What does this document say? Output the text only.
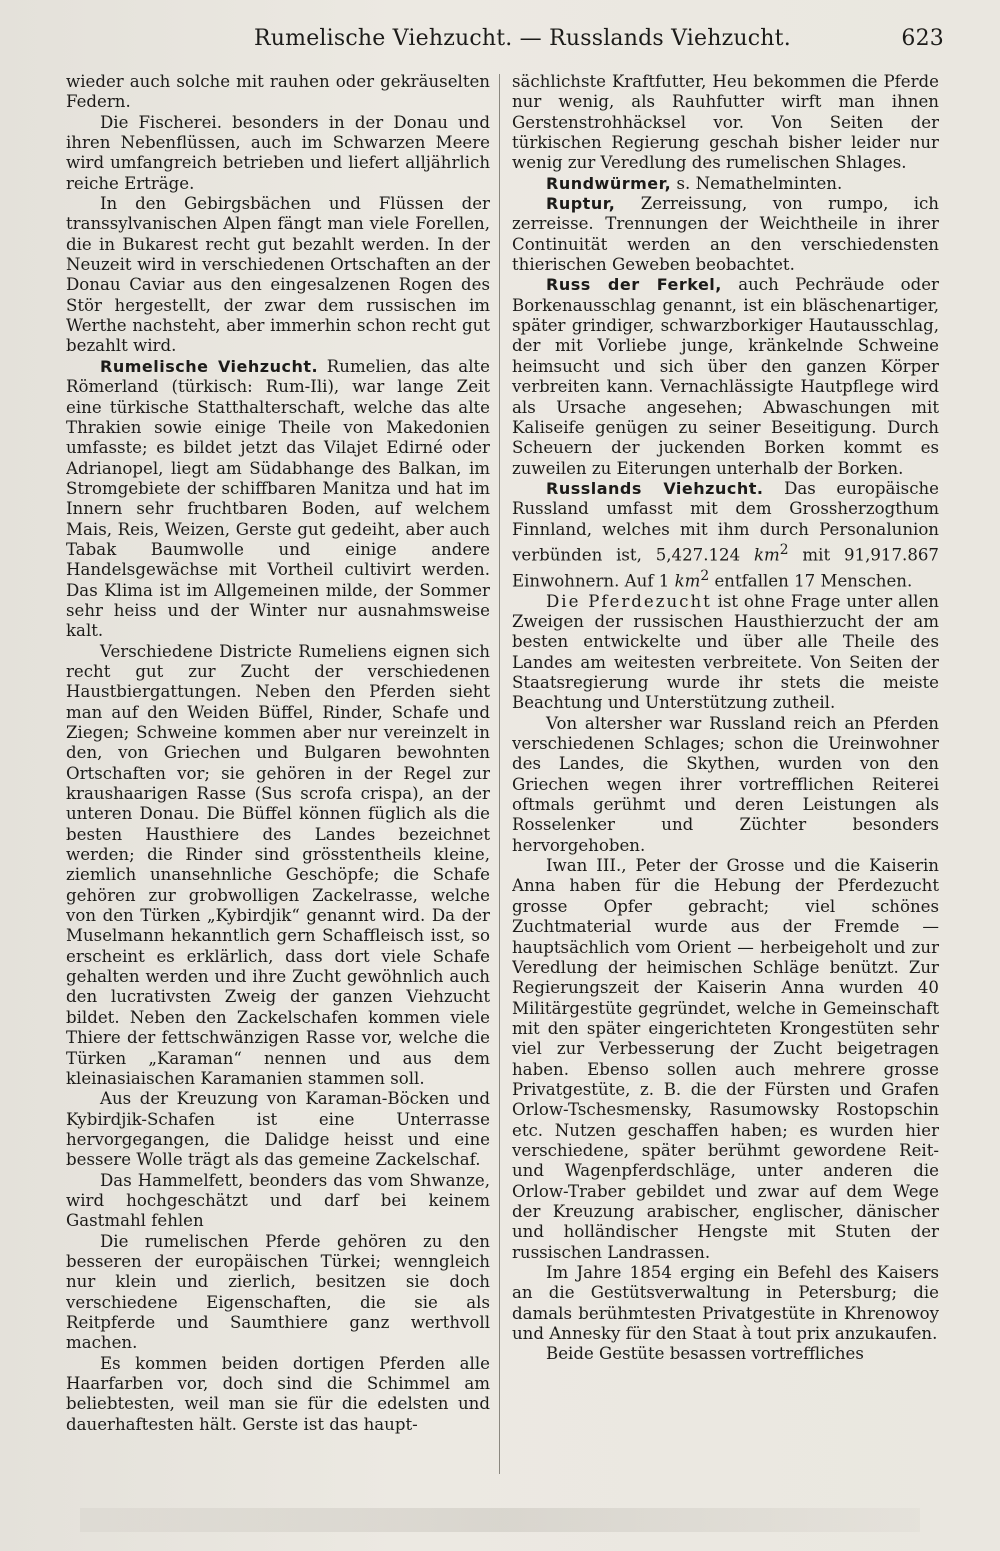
Rumelische Viehzucht. — Russlands Viehzucht.	623

wieder auch solche mit rauhen oder gekräuselten Federn.

Die Fischerei. besonders in der Donau und ihren Nebenflüssen, auch im Schwarzen Meere wird umfangreich betrieben und liefert alljährlich reiche Erträge.

In den Gebirgsbächen und Flüssen der transsylvanischen Alpen fängt man viele Forellen, die in Bukarest recht gut bezahlt werden. In der Neuzeit wird in verschiedenen Ortschaften an der Donau Caviar aus den eingesalzenen Rogen des Stör hergestellt, der zwar dem russischen im Werthe nachsteht, aber immerhin schon recht gut bezahlt wird.

Rumelische Viehzucht. Rumelien, das alte Römerland (türkisch: Rum-Ili), war lange Zeit eine türkische Statthalterschaft, welche das alte Thrakien sowie einige Theile von Makedonien umfasste; es bildet jetzt das Vilajet Edirné oder Adrianopel, liegt am Südabhange des Balkan, im Stromgebiete der schiffbaren Manitza und hat im Innern sehr fruchtbaren Boden, auf welchem Mais, Reis, Weizen, Gerste gut gedeiht, aber auch Tabak Baumwolle und einige andere Handelsgewächse mit Vortheil cultivirt werden. Das Klima ist im Allgemeinen milde, der Sommer sehr heiss und der Winter nur ausnahmsweise kalt.

Verschiedene Districte Rumeliens eignen sich recht gut zur Zucht der verschiedenen Haustbiergattungen. Neben den Pferden sieht man auf den Weiden Büffel, Rinder, Schafe und Ziegen; Schweine kommen aber nur vereinzelt in den, von Griechen und Bulgaren bewohnten Ortschaften vor; sie gehören in der Regel zur kraushaarigen Rasse (Sus scrofa crispa), an der unteren Donau. Die Büffel können füglich als die besten Hausthiere des Landes bezeichnet werden; die Rinder sind grösstentheils kleine, ziemlich unansehnliche Geschöpfe; die Schafe gehören zur grobwolligen Zackelrasse, welche von den Türken „Kybirdjik“ genannt wird. Da der Muselmann hekanntlich gern Schaffleisch isst, so erscheint es erklärlich, dass dort viele Schafe gehalten werden und ihre Zucht gewöhnlich auch den lucrativsten Zweig der ganzen Viehzucht bildet. Neben den Zackelschafen kommen viele Thiere der fettschwänzigen Rasse vor, welche die Türken „Karaman“ nennen und aus dem kleinasiaischen Karamanien stammen soll.

Aus der Kreuzung von Karaman-Böcken und Kybirdjik-Schafen ist eine Unterrasse hervorgegangen, die Dalidge heisst und eine bessere Wolle trägt als das gemeine Zackelschaf.

Das Hammelfett, beonders das vom Shwanze, wird hochgeschätzt und darf bei keinem Gastmahl fehlen

Die rumelischen Pferde gehören zu den besseren der europäischen Türkei; wenngleich nur klein und zierlich, besitzen sie doch verschiedene Eigenschaften, die sie als Reitpferde und Saumthiere ganz werthvoll machen.

Es kommen beiden dortigen Pferden alle Haarfarben vor, doch sind die Schimmel am beliebtesten, weil man sie für die edelsten und dauerhaftesten hält. Gerste ist das haupt-

sächlichste Kraftfutter, Heu bekommen die Pferde nur wenig, als Rauhfutter wirft man ihnen Gerstenstrohhäcksel vor. Von Seiten der türkischen Regierung geschah bisher leider nur wenig zur Veredlung des rumelischen Shlages.

Rundwürmer, s. Nemathelminten.

Ruptur, Zerreissung, von rumpo, ich zerreisse. Trennungen der Weichtheile in ihrer Continuität werden an den verschiedensten thierischen Geweben beobachtet.

Russ der Ferkel, auch Pechräude oder Borkenausschlag genannt, ist ein bläschenartiger, später grindiger, schwarzborkiger Hautausschlag, der mit Vorliebe junge, kränkelnde Schweine heimsucht und sich über den ganzen Körper verbreiten kann. Vernachlässigte Hautpflege wird als Ursache angesehen; Abwaschungen mit Kaliseife genügen zu seiner Beseitigung. Durch Scheuern der juckenden Borken kommt es zuweilen zu Eiterungen unterhalb der Borken.

Russlands Viehzucht. Das europäische Russland umfasst mit dem Grossherzogthum Finnland, welches mit ihm durch Personalunion verbünden ist, 5,427.124 $km^2$ mit 91,917.867 Einwohnern. Auf 1 $km^2$ entfallen 17 Menschen.

Die Pferdezucht ist ohne Frage unter allen Zweigen der russischen Hausthierzucht der am besten entwickelte und über alle Theile des Landes am weitesten verbreitete. Von Seiten der Staatsregierung wurde ihr stets die meiste Beachtung und Unterstützung zutheil.

Von altersher war Russland reich an Pferden verschiedenen Schlages; schon die Ureinwohner des Landes, die Skythen, wurden von den Griechen wegen ihrer vortrefflichen Reiterei oftmals gerühmt und deren Leistungen als Rosselenker und Züchter besonders hervorgehoben.

Iwan III., Peter der Grosse und die Kaiserin Anna haben für die Hebung der Pferdezucht grosse Opfer gebracht; viel schönes Zuchtmaterial wurde aus der Fremde — hauptsächlich vom Orient — herbeigeholt und zur Veredlung der heimischen Schläge benützt. Zur Regierungszeit der Kaiserin Anna wurden 40 Militärgestüte gegründet, welche in Gemeinschaft mit den später eingerichteten Krongestüten sehr viel zur Verbesserung der Zucht beigetragen haben. Ebenso sollen auch mehrere grosse Privatgestüte, z. B. die der Fürsten und Grafen Orlow-Tschesmensky, Rasumowsky Rostopschin etc. Nutzen geschaffen haben; es wurden hier verschiedene, später berühmt gewordene Reit- und Wagenpferdschläge, unter anderen die Orlow-Traber gebildet und zwar auf dem Wege der Kreuzung arabischer, englischer, dänischer und holländischer Hengste mit Stuten der russischen Landrassen.

Im Jahre 1854 erging ein Befehl des Kaisers an die Gestütsverwaltung in Petersburg; die damals berühmtesten Privatgestüte in Khrenowoy und Annesky für den Staat à tout prix anzukaufen.

Beide Gestüte besassen vortreffliches
